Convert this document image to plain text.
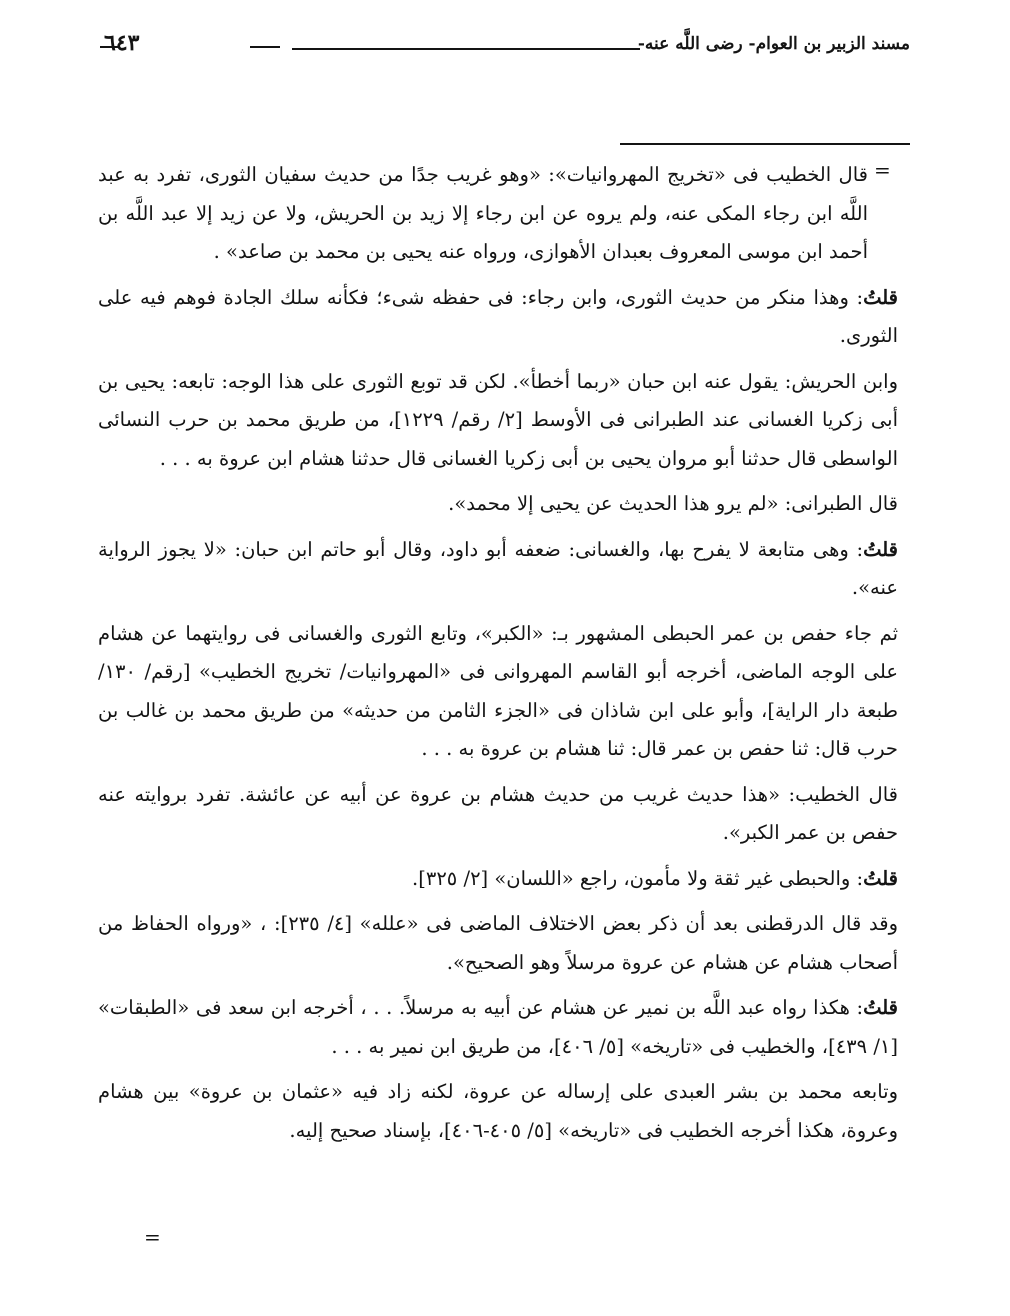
مسند الزبير بن العوام- رضى اللَّه عنه-
٦٤٣
=

قال الخطيب فى «تخريج المهروانيات»: «وهو غريب جدًا من حديث سفيان الثورى، تفرد به عبد اللَّه ابن رجاء المكى عنه، ولم يروه عن ابن رجاء إلا زيد بن الحريش، ولا عن زيد إلا عبد اللَّه بن أحمد ابن موسى المعروف بعبدان الأهوازى، ورواه عنه يحيى بن محمد بن صاعد» .

قلتُ: وهذا منكر من حديث الثورى، وابن رجاء: فى حفظه شىء؛ فكأنه سلك الجادة فوهم فيه على الثورى.

وابن الحريش: يقول عنه ابن حبان «ربما أخطأ». لكن قد توبع الثورى على هذا الوجه: تابعه: يحيى بن أبى زكريا الغسانى عند الطبرانى فى الأوسط [٢/ رقم/ ١٢٢٩]، من طريق محمد بن حرب النسائى الواسطى قال حدثنا أبو مروان يحيى بن أبى زكريا الغسانى قال حدثنا هشام ابن عروة به . . .

قال الطبرانى: «لم يرو هذا الحديث عن يحيى إلا محمد».

قلتُ: وهى متابعة لا يفرح بها، والغسانى: ضعفه أبو داود، وقال أبو حاتم ابن حبان: «لا يجوز الرواية عنه».

ثم جاء حفص بن عمر الحبطى المشهور بـ: «الكبر»، وتابع الثورى والغسانى فى روايتهما عن هشام على الوجه الماضى، أخرجه أبو القاسم المهروانى فى «المهروانيات/ تخريج الخطيب» [رقم/ ١٣٠/ طبعة دار الراية]، وأبو على ابن شاذان فى «الجزء الثامن من حديثه» من طريق محمد بن غالب بن حرب قال: ثنا حفص بن عمر قال: ثنا هشام بن عروة به . . .

قال الخطيب: «هذا حديث غريب من حديث هشام بن عروة عن أبيه عن عائشة. تفرد بروايته عنه حفص بن عمر الكبر».

قلتُ: والحبطى غير ثقة ولا مأمون، راجع «اللسان» [٢/ ٣٢٥].

وقد قال الدرقطنى بعد أن ذكر بعض الاختلاف الماضى فى «علله» [٤/ ٢٣٥]: ، «ورواه الحفاظ من أصحاب هشام عن هشام عن عروة مرسلاً وهو الصحيح».

قلتُ: هكذا رواه عبد اللَّه بن نمير عن هشام عن أبيه به مرسلاً. . . ، أخرجه ابن سعد فى «الطبقات» [١/ ٤٣٩]، والخطيب فى «تاريخه» [٥/ ٤٠٦]، من طريق ابن نمير به . . .

وتابعه محمد بن بشر العبدى على إرساله عن عروة، لكنه زاد فيه «عثمان بن عروة» بين هشام وعروة، هكذا أخرجه الخطيب فى «تاريخه» [٥/ ٤٠٥-٤٠٦]، بإسناد صحيح إليه.

=
